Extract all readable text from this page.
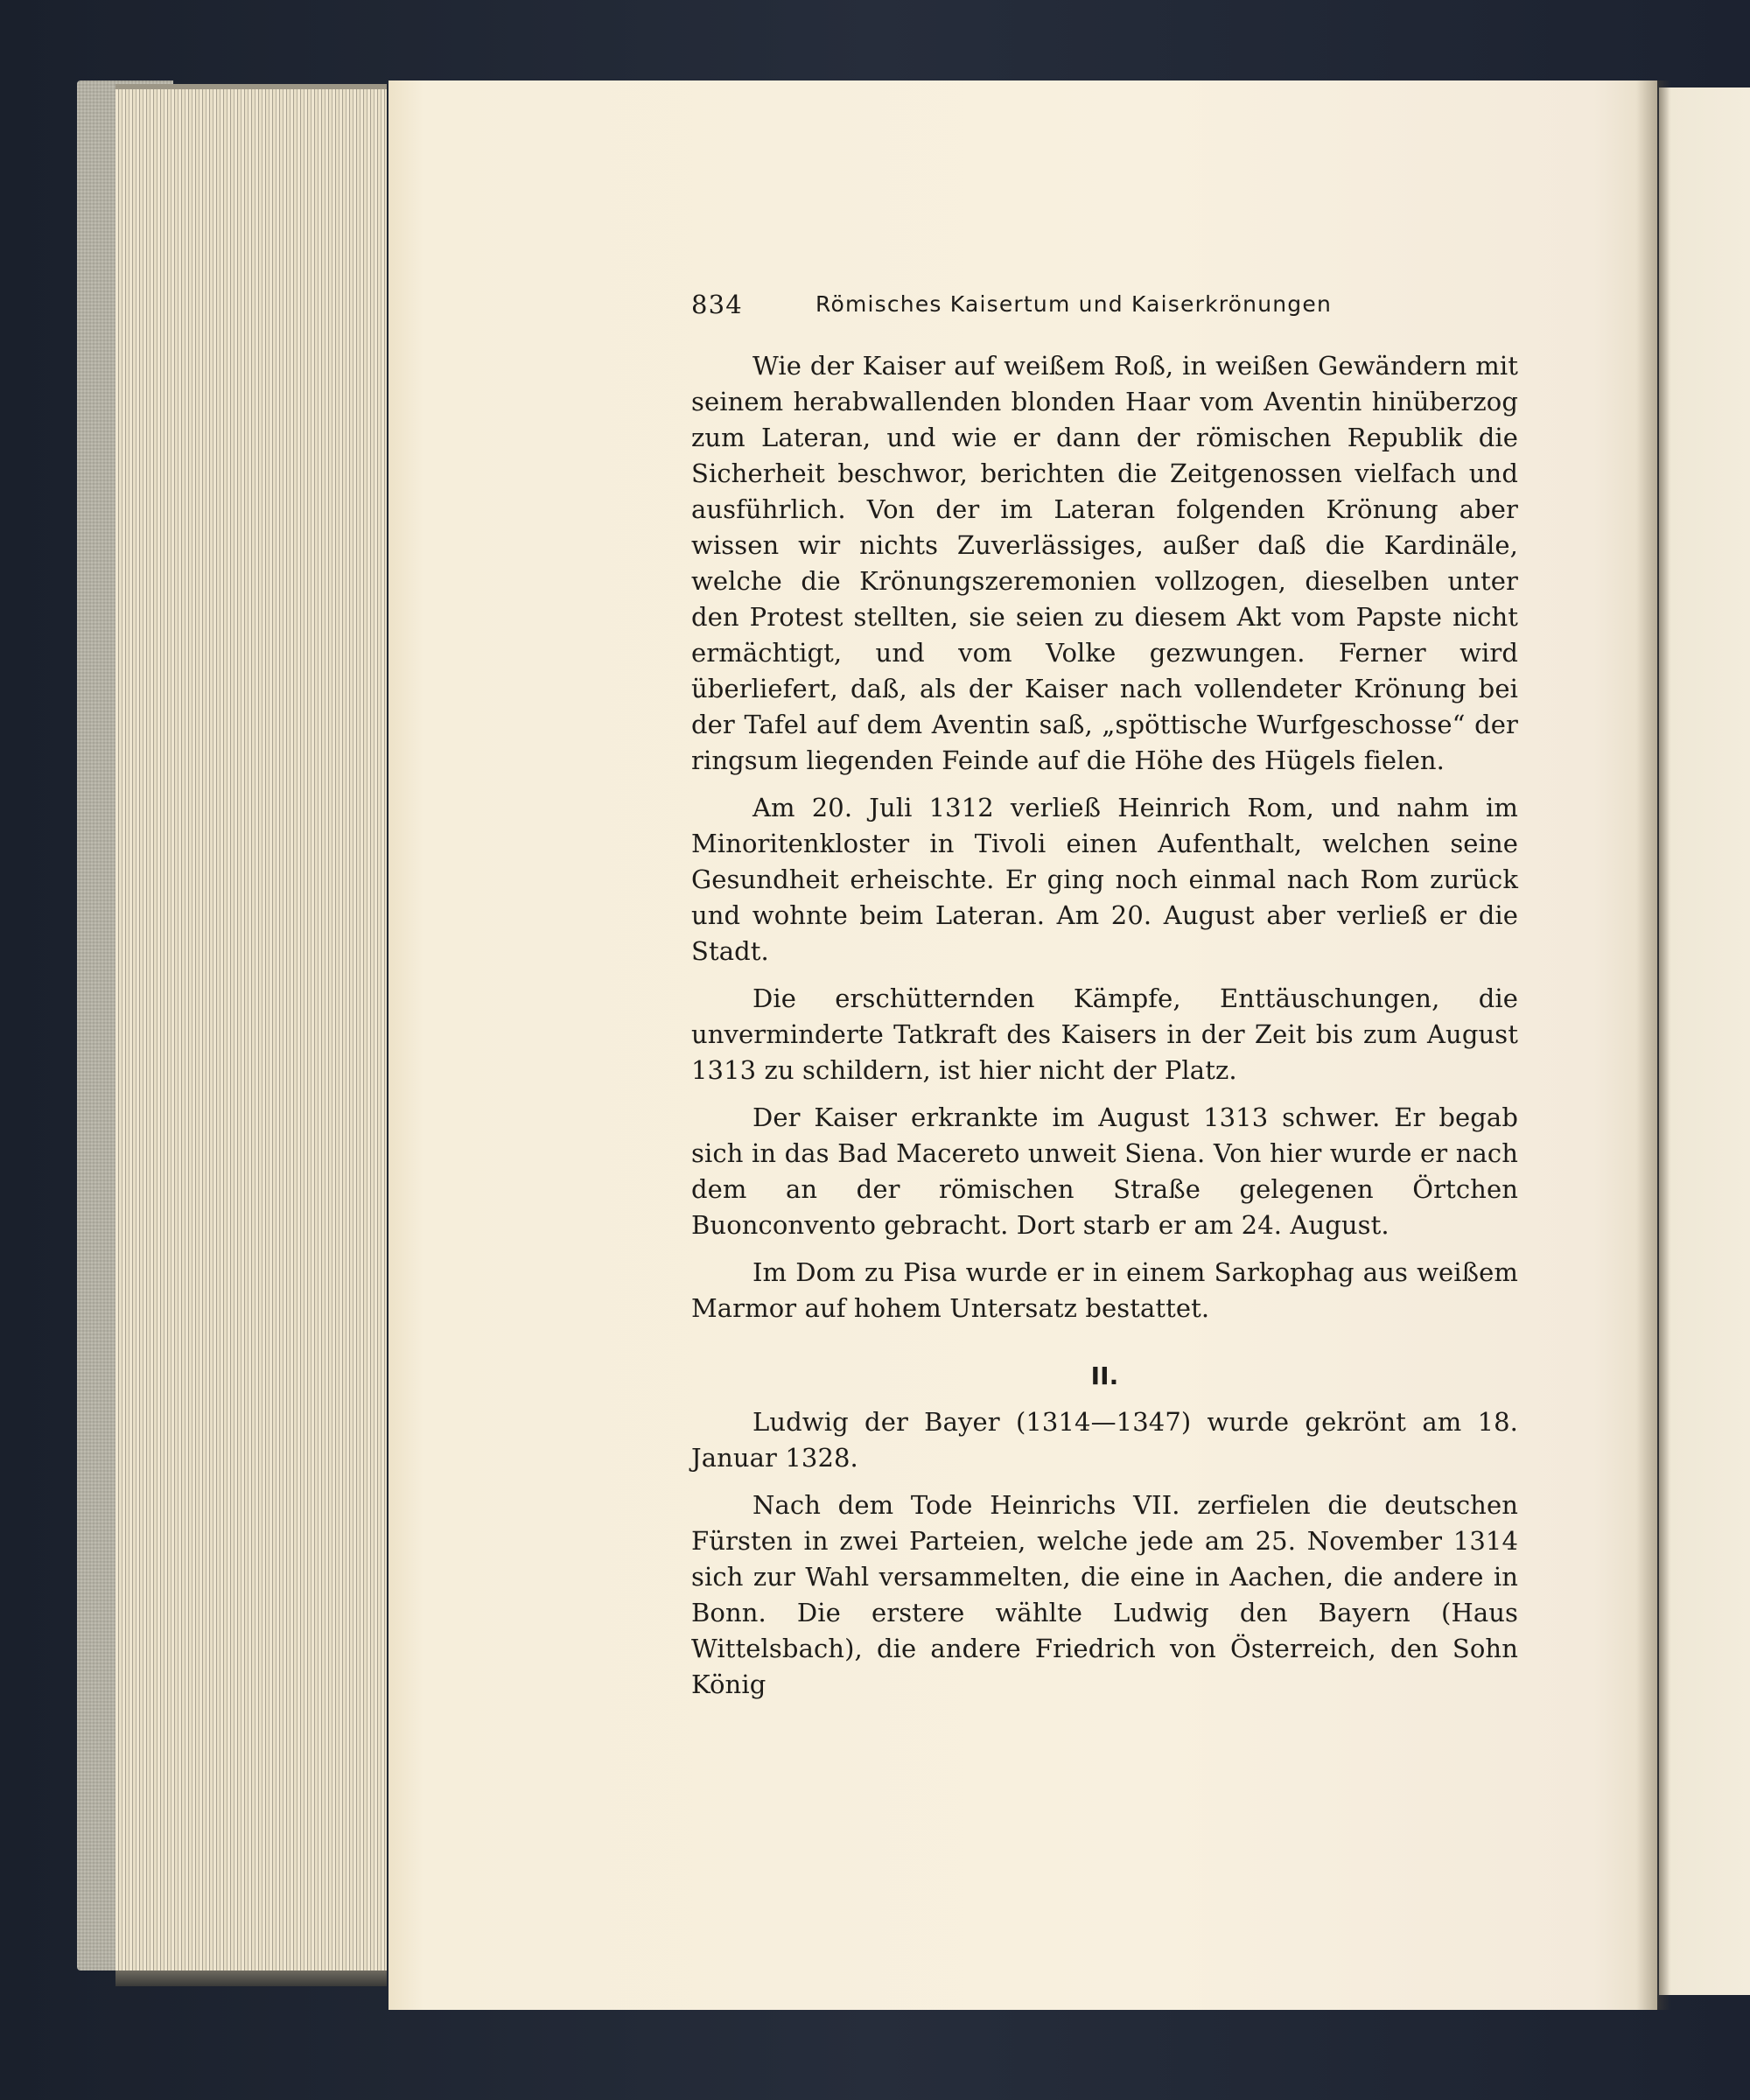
834	Römisches Kaisertum und Kaiserkrönungen

Wie der Kaiser auf weißem Roß, in weißen Gewändern mit seinem herabwallenden blonden Haar vom Aventin hinüberzog zum Lateran, und wie er dann der römischen Republik die Sicherheit beschwor, berichten die Zeitgenossen vielfach und ausführlich. Von der im Lateran folgenden Krönung aber wissen wir nichts Zuverlässiges, außer daß die Kardinäle, welche die Krönungszeremonien vollzogen, dieselben unter den Protest stellten, sie seien zu diesem Akt vom Papste nicht ermächtigt, und vom Volke gezwungen. Ferner wird überliefert, daß, als der Kaiser nach vollendeter Krönung bei der Tafel auf dem Aventin saß, „spöttische Wurfgeschosse“ der ringsum liegenden Feinde auf die Höhe des Hügels fielen.

Am 20. Juli 1312 verließ Heinrich Rom, und nahm im Minoritenkloster in Tivoli einen Aufenthalt, welchen seine Gesundheit erheischte. Er ging noch einmal nach Rom zurück und wohnte beim Lateran. Am 20. August aber verließ er die Stadt.

Die erschütternden Kämpfe, Enttäuschungen, die unverminderte Tatkraft des Kaisers in der Zeit bis zum August 1313 zu schildern, ist hier nicht der Platz.

Der Kaiser erkrankte im August 1313 schwer. Er begab sich in das Bad Macereto unweit Siena. Von hier wurde er nach dem an der römischen Straße gelegenen Örtchen Buonconvento gebracht. Dort starb er am 24. August.

Im Dom zu Pisa wurde er in einem Sarkophag aus weißem Marmor auf hohem Untersatz bestattet.

II.

Ludwig der Bayer (1314—1347) wurde gekrönt am 18. Januar 1328.

Nach dem Tode Heinrichs VII. zerfielen die deutschen Fürsten in zwei Parteien, welche jede am 25. November 1314 sich zur Wahl versammelten, die eine in Aachen, die andere in Bonn. Die erstere wählte Ludwig den Bayern (Haus Wittelsbach), die andere Friedrich von Österreich, den Sohn König
